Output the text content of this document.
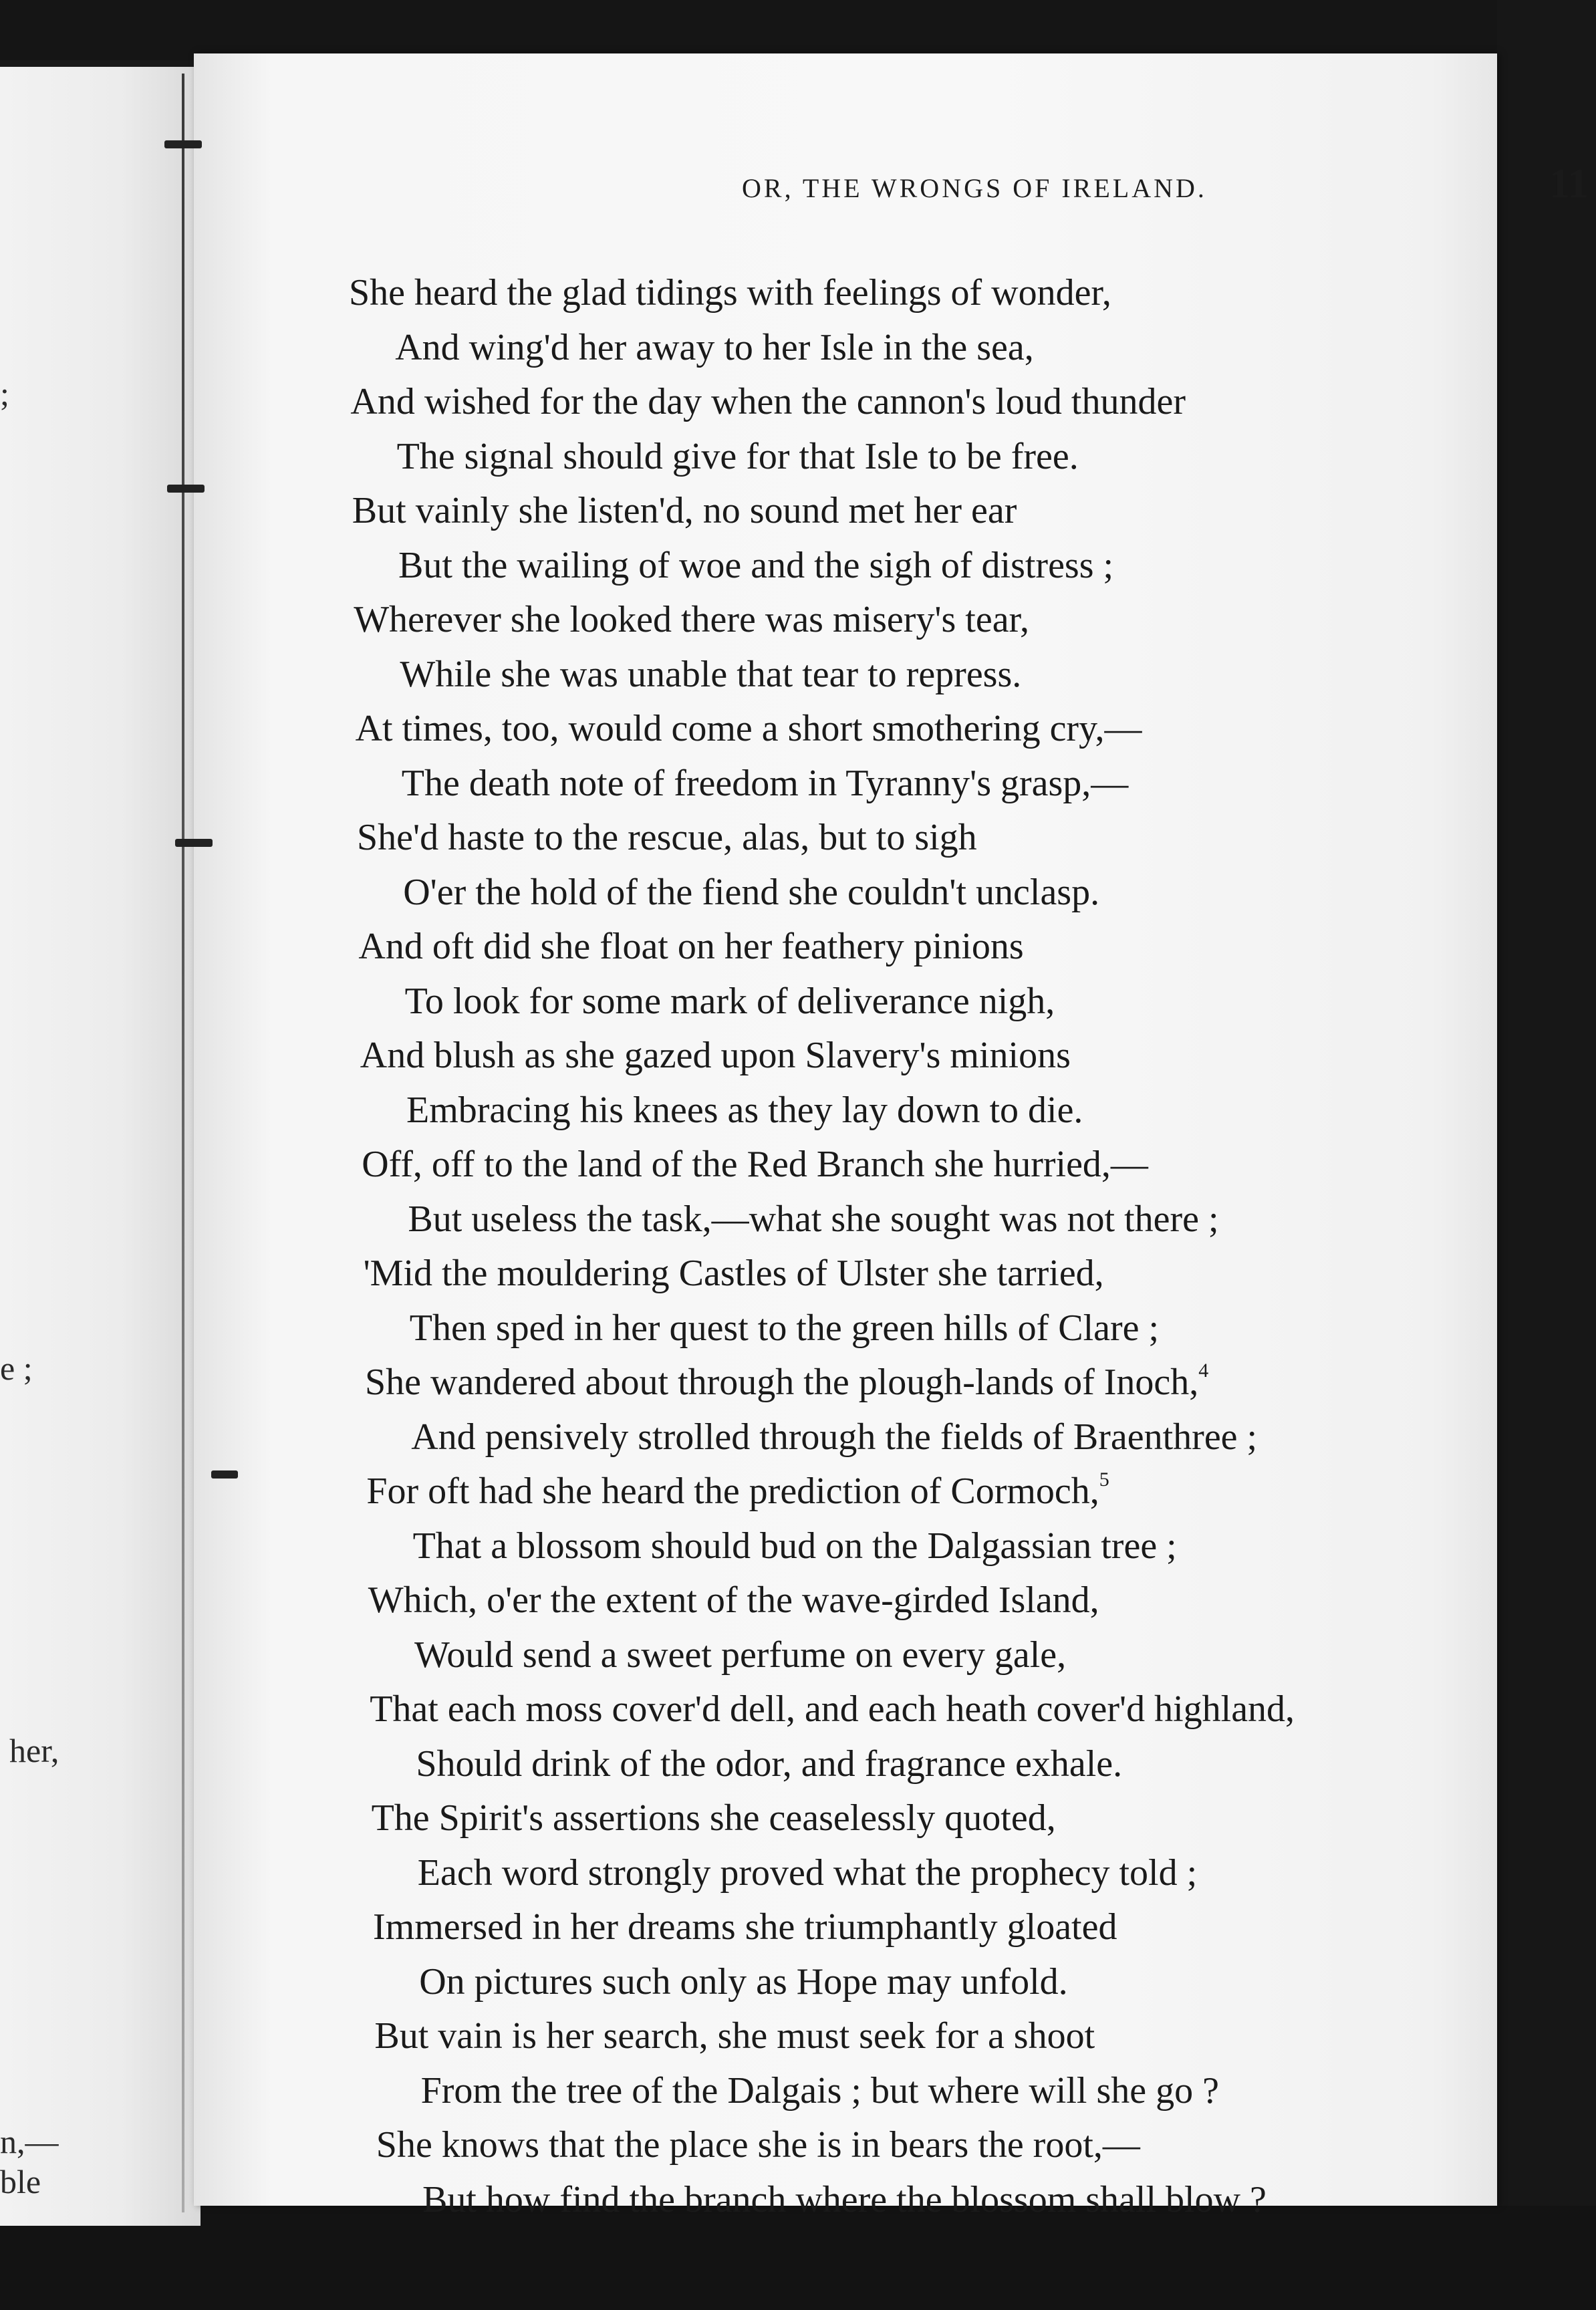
;
e ;
her,
n,—
ble
OR, THE WRONGS OF IRELAND.	11
She heard the glad tidings with feelings of wonder,
And wing'd her away to her Isle in the sea,
And wished for the day when the cannon's loud thunder
The signal should give for that Isle to be free.
But vainly she listen'd, no sound met her ear
But the wailing of woe and the sigh of distress ;
Wherever she looked there was misery's tear,
While she was unable that tear to repress.
At times, too, would come a short smothering cry,—
The death note of freedom in Tyranny's grasp,—
She'd haste to the rescue, alas, but to sigh
O'er the hold of the fiend she couldn't unclasp.
And oft did she float on her feathery pinions
To look for some mark of deliverance nigh,
And blush as she gazed upon Slavery's minions
Embracing his knees as they lay down to die.
Off, off to the land of the Red Branch she hurried,—
But useless the task,—what she sought was not there ;
'Mid the mouldering Castles of Ulster she tarried,
Then sped in her quest to the green hills of Clare ;
She wandered about through the plough-lands of Inoch,$^4$
And pensively strolled through the fields of Braenthree ;
For oft had she heard the prediction of Cormoch,$^5$
That a blossom should bud on the Dalgassian tree ;
Which, o'er the extent of the wave-girded Island,
Would send a sweet perfume on every gale,
That each moss cover'd dell, and each heath cover'd highland,
Should drink of the odor, and fragrance exhale.
The Spirit's assertions she ceaselessly quoted,
Each word strongly proved what the prophecy told ;
Immersed in her dreams she triumphantly gloated
On pictures such only as Hope may unfold.
But vain is her search, she must seek for a shoot
From the tree of the Dalgais ; but where will she go ?
She knows that the place she is in bears the root,—
But how find the branch where the blossom shall blow ?
